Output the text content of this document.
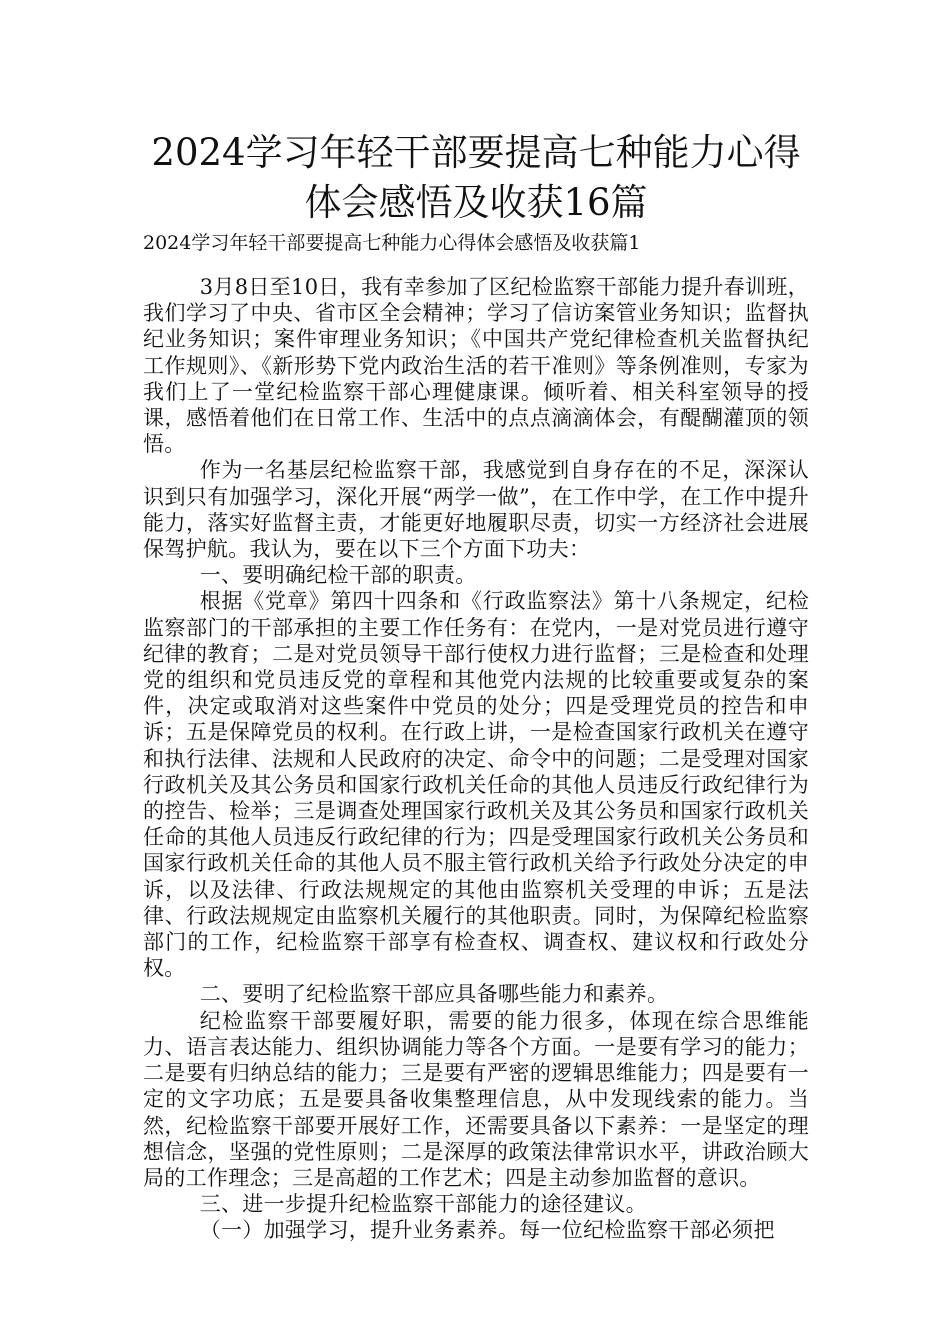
2024学习年轻干部要提高七种能力心得体会感悟及收获16篇
2024学习年轻干部要提高七种能力心得体会感悟及收获篇1

3月8日至10日，我有幸参加了区纪检监察干部能力提升春训班，我们学习了中央、省市区全会精神；学习了信访案管业务知识；监督执纪业务知识；案件审理业务知识；《中国共产党纪律检查机关监督执纪工作规则》、《新形势下党内政治生活的若干准则》等条例准则，专家为我们上了一堂纪检监察干部心理健康课。倾听着、相关科室领导的授课，感悟着他们在日常工作、生活中的点点滴滴体会，有醍醐灌顶的领悟。

作为一名基层纪检监察干部，我感觉到自身存在的不足，深深认识到只有加强学习，深化开展“两学一做”，在工作中学，在工作中提升能力，落实好监督主责，才能更好地履职尽责，切实一方经济社会进展保驾护航。我认为，要在以下三个方面下功夫：

一、要明确纪检干部的职责。

根据《党章》第四十四条和《行政监察法》第十八条规定，纪检监察部门的干部承担的主要工作任务有：在党内，一是对党员进行遵守纪律的教育；二是对党员领导干部行使权力进行监督；三是检查和处理党的组织和党员违反党的章程和其他党内法规的比较重要或复杂的案件，决定或取消对这些案件中党员的处分；四是受理党员的控告和申诉；五是保障党员的权利。在行政上讲，一是检查国家行政机关在遵守和执行法律、法规和人民政府的决定、命令中的问题；二是受理对国家行政机关及其公务员和国家行政机关任命的其他人员违反行政纪律行为的控告、检举；三是调查处理国家行政机关及其公务员和国家行政机关任命的其他人员违反行政纪律的行为；四是受理国家行政机关公务员和国家行政机关任命的其他人员不服主管行政机关给予行政处分决定的申诉，以及法律、行政法规规定的其他由监察机关受理的申诉；五是法律、行政法规规定由监察机关履行的其他职责。同时，为保障纪检监察部门的工作，纪检监察干部享有检查权、调查权、建议权和行政处分权。

二、要明了纪检监察干部应具备哪些能力和素养。

纪检监察干部要履好职，需要的能力很多，体现在综合思维能力、语言表达能力、组织协调能力等各个方面。一是要有学习的能力；二是要有归纳总结的能力；三是要有严密的逻辑思维能力；四是要有一定的文字功底；五是要具备收集整理信息，从中发现线索的能力。当然，纪检监察干部要开展好工作，还需要具备以下素养：一是坚定的理想信念，坚强的党性原则；二是深厚的政策法律常识水平，讲政治顾大局的工作理念；三是高超的工作艺术；四是主动参加监督的意识。

三、进一步提升纪检监察干部能力的途径建议。

（一）加强学习，提升业务素养。每一位纪检监察干部必须把
